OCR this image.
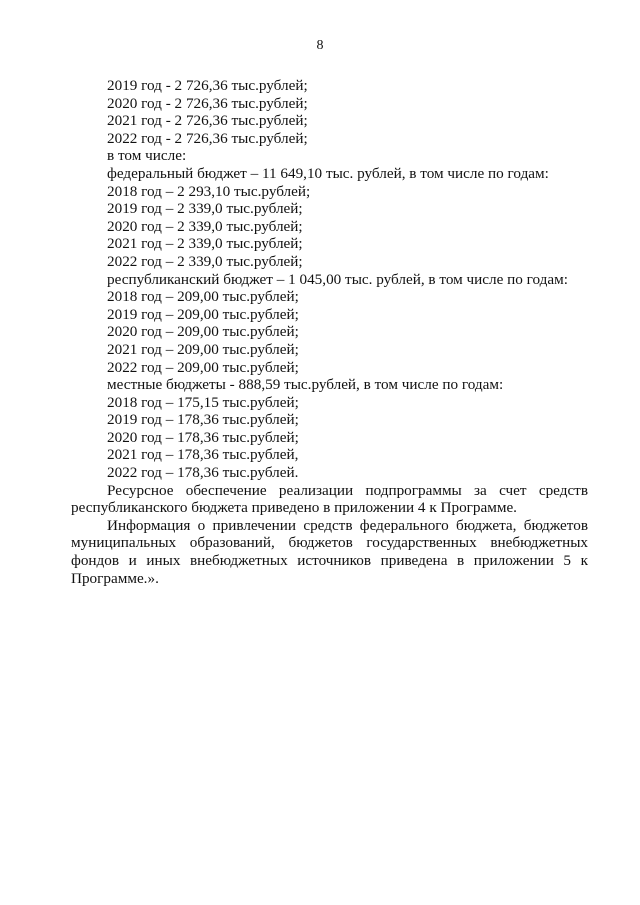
8

2019 год - 2 726,36 тыс.рублей;

2020 год - 2 726,36 тыс.рублей;

2021 год - 2 726,36 тыс.рублей;

2022 год - 2 726,36 тыс.рублей;

в том числе:

федеральный бюджет – 11 649,10 тыс. рублей, в том числе по годам:

2018 год – 2 293,10 тыс.рублей;

2019 год – 2 339,0 тыс.рублей;

2020 год – 2 339,0 тыс.рублей;

2021 год – 2 339,0 тыс.рублей;

2022 год – 2 339,0 тыс.рублей;

республиканский бюджет – 1 045,00 тыс. рублей, в том числе по годам:

2018 год – 209,00 тыс.рублей;

2019 год – 209,00 тыс.рублей;

2020 год – 209,00 тыс.рублей;

2021 год – 209,00 тыс.рублей;

2022 год – 209,00 тыс.рублей;

местные бюджеты - 888,59 тыс.рублей, в том числе по годам:

2018 год – 175,15 тыс.рублей;

2019 год – 178,36 тыс.рублей;

2020 год – 178,36 тыс.рублей;

2021 год – 178,36 тыс.рублей,

2022 год – 178,36 тыс.рублей.

Ресурсное обеспечение реализации подпрограммы за счет средств республиканского бюджета приведено в приложении 4 к Программе.

Информация о привлечении средств федерального бюджета, бюджетов муниципальных образований, бюджетов государственных внебюджетных фондов и иных внебюджетных источников приведена в приложении 5 к Программе.».
